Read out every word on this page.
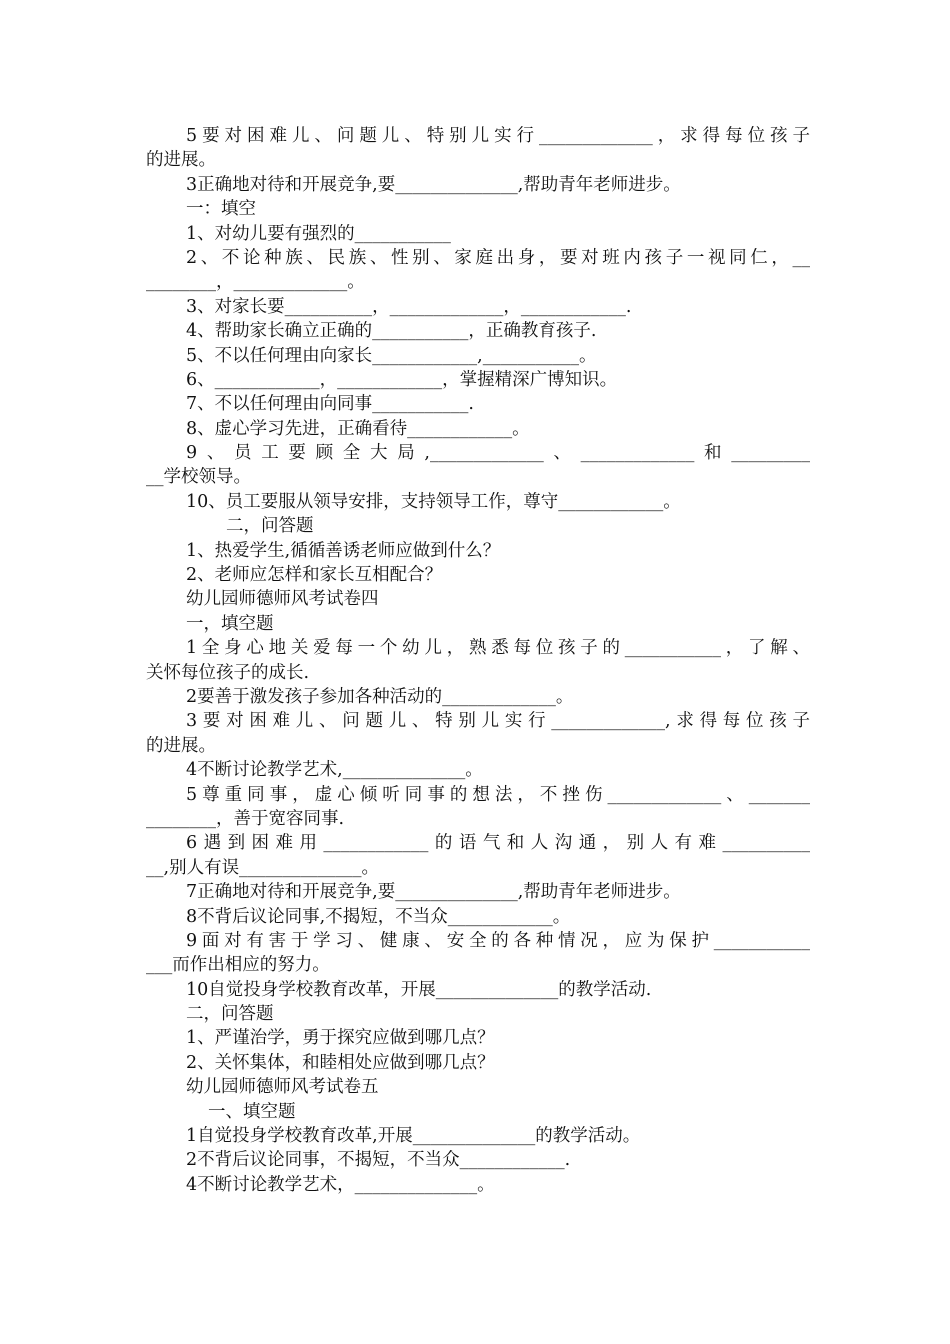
5要对困难儿、问题儿、特别儿实行_____________，求得每位孩子
的进展。
3正确地对待和开展竞争,要______________,帮助青年老师进步。
一：填空
1、对幼儿要有强烈的___________
2、不论种族、民族、性别、家庭出身，要对班内孩子一视同仁，__
________，_____________。
3、对家长要__________，_____________，____________.
4、帮助家长确立正确的___________，正确教育孩子.
5、不以任何理由向家长____________,___________。
6、____________，____________，掌握精深广博知识。
7、不以任何理由向同事___________.
8、虚心学习先进，正确看待____________。
9、员工要顾全大局,_____________、_____________和_________
__学校领导。
10、员工要服从领导安排，支持领导工作，尊守____________。
二，问答题
1、热爱学生,循循善诱老师应做到什么？
2、老师应怎样和家长互相配合？
幼儿园师德师风考试卷四
一，填空题
1全身心地关爱每一个幼儿，熟悉每位孩子的___________，了解、
关怀每位孩子的成长.
2要善于激发孩子参加各种活动的_____________。
3要对困难儿、问题儿、特别儿实行_____________,求得每位孩子
的进展。
4不断讨论教学艺术,______________。
5尊重同事，虚心倾听同事的想法，不挫伤_____________、_______
________，善于宽容同事.
6遇到困难用____________的语气和人沟通，别人有难__________
__,别人有误______________。
7正确地对待和开展竞争,要______________,帮助青年老师进步。
8不背后议论同事,不揭短，不当众____________。
9面对有害于学习、健康、安全的各种情况，应为保护___________
___而作出相应的努力。
10自觉投身学校教育改革，开展______________的教学活动.
二，问答题
1、严谨治学，勇于探究应做到哪几点？
2、关怀集体，和睦相处应做到哪几点？
幼儿园师德师风考试卷五
一、填空题
1自觉投身学校教育改革,开展______________的教学活动。
2不背后议论同事，不揭短，不当众____________.
4不断讨论教学艺术，______________。
